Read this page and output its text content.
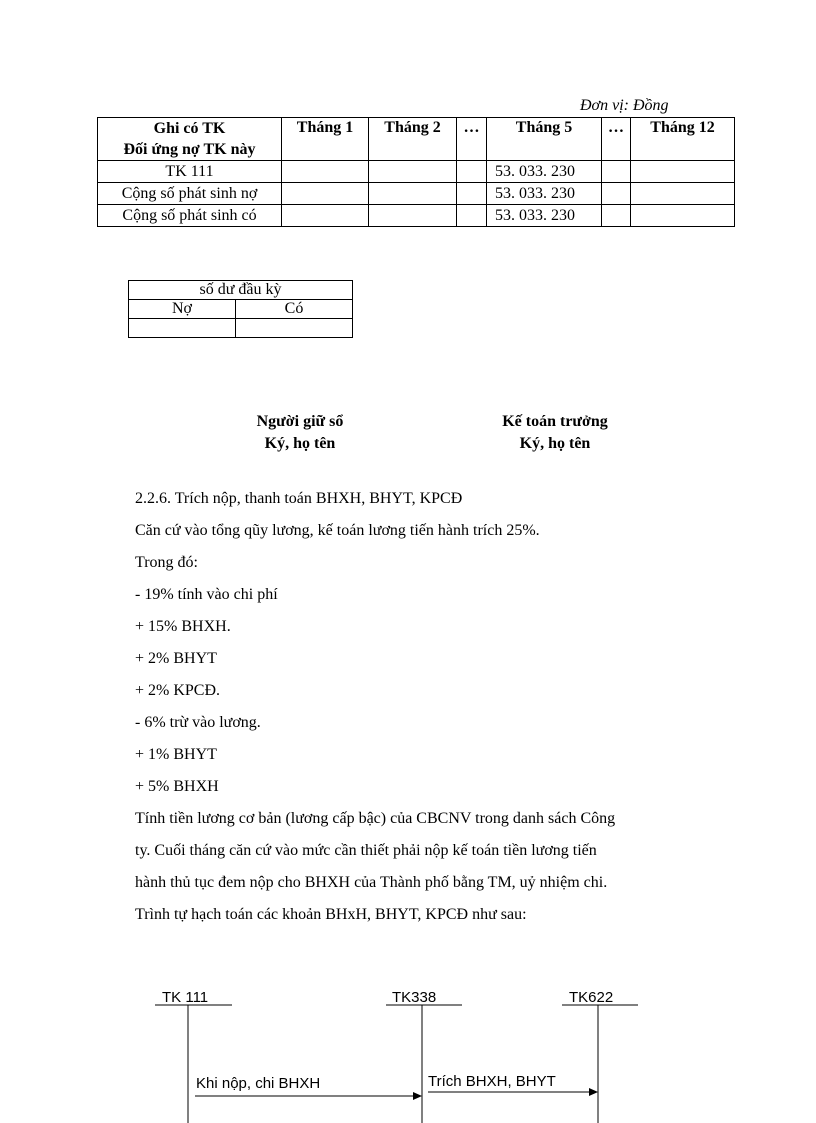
Đơn vị: Đồng
Ghi có TK
Đối ứng nợ TK này	Tháng 1	Tháng 2	…	Tháng 5	…	Tháng 12
TK 111				53. 033. 230		
Cộng số phát sinh nợ				53. 033. 230		
Cộng số phát sinh có				53. 033. 230		
số dư đầu kỳ	
Nợ	Có

Người giữ sổ
Ký, họ tên
Kế toán trưởng
Ký, họ tên

2.2.6. Trích nộp, thanh toán BHXH, BHYT, KPCĐ

Căn cứ vào tổng qũy lương, kế toán lương tiến hành trích 25%.

Trong đó:

- 19% tính vào chi phí

+ 15% BHXH.

+ 2% BHYT

+ 2% KPCĐ.

- 6% trừ vào lương.

+ 1% BHYT

+ 5% BHXH

Tính tiền lương cơ bản (lương cấp bậc) của CBCNV trong danh sách Công

ty. Cuối tháng căn cứ vào mức cần thiết phải nộp kế toán tiền lương tiến

hành thủ tục đem nộp cho BHXH của Thành phố bằng TM, uỷ nhiệm chi.

Trình tự hạch toán các khoản BHxH, BHYT, KPCĐ như sau:

TK 111	TK338	TK622
Khi nộp, chi BHXH	Trích BHXH, BHYT
